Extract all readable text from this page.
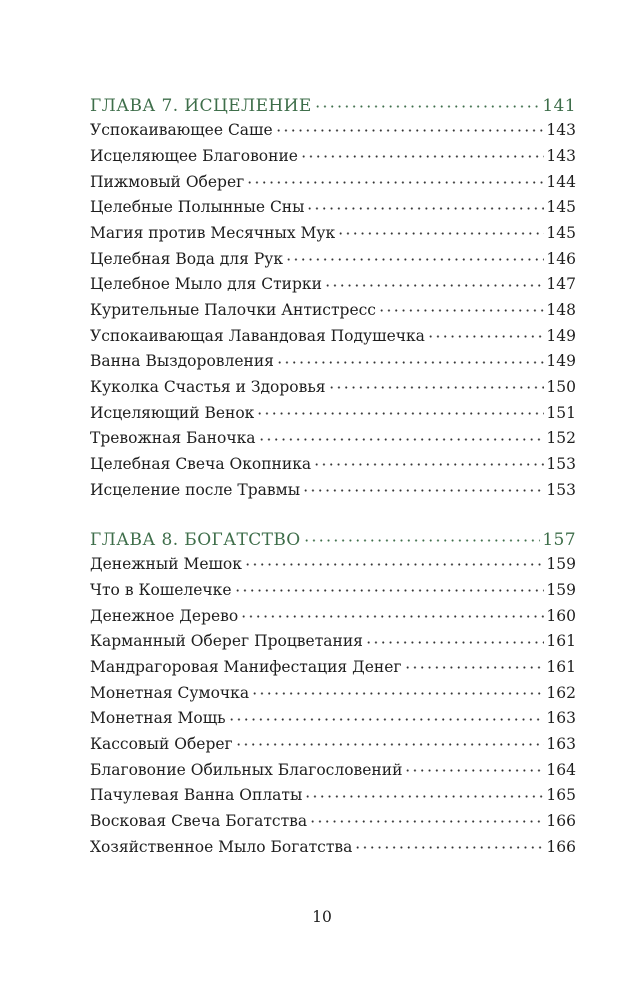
ГЛАВА 7. ИСЦЕЛЕНИЕ	141
Успокаивающее Саше	143
Исцеляющее Благовоние	143
Пижмовый Оберег	144
Целебные Полынные Сны	145
Магия против Месячных Мук	145
Целебная Вода для Рук	146
Целебное Мыло для Стирки	147
Курительные Палочки Антистресс	148
Успокаивающая Лавандовая Подушечка	149
Ванна Выздоровления	149
Куколка Счастья и Здоровья	150
Исцеляющий Венок	151
Тревожная Баночка	152
Целебная Свеча Окопника	153
Исцеление после Травмы	153
ГЛАВА 8. БОГАТСТВО	157
Денежный Мешок	159
Что в Кошелечке	159
Денежное Дерево	160
Карманный Оберег Процветания	161
Мандрагоровая Манифестация Денег	161
Монетная Сумочка	162
Монетная Мощь	163
Кассовый Оберег	163
Благовоние Обильных Благословений	164
Пачулевая Ванна Оплаты	165
Восковая Свеча Богатства	166
Хозяйственное Мыло Богатства	166
10
